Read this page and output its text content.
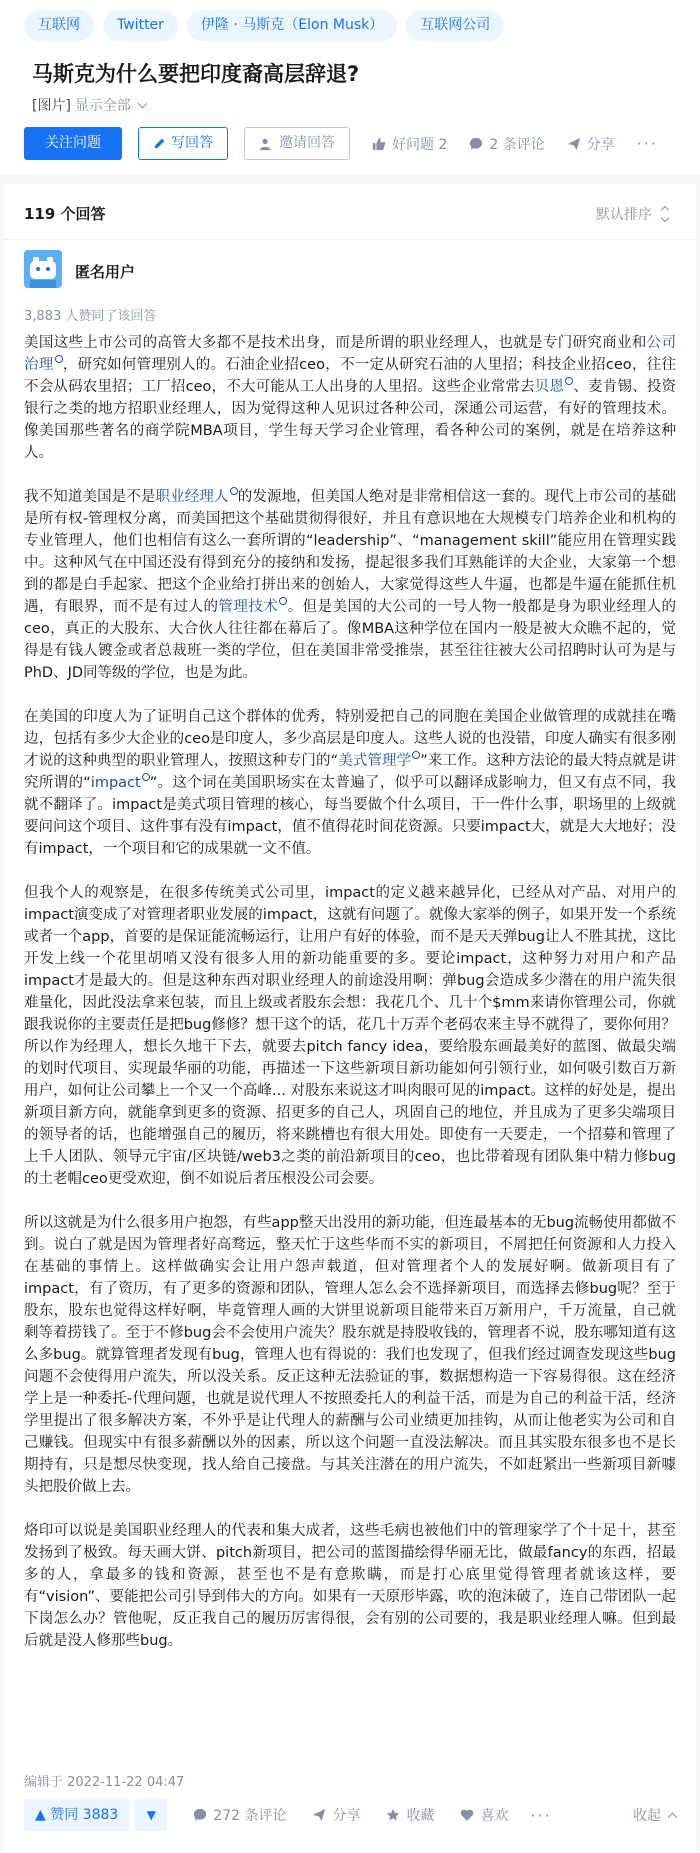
互联网	Twitter	伊隆 · 马斯克（Elon Musk）	互联网公司
马斯克为什么要把印度裔高层辞退?
[图片] 显示全部
关注问题	写回答	邀请回答	好问题 2	2 条评论	分享 ···
119 个回答	默认排序
匿名用户
3,883 人赞同了该回答

美国这些上市公司的高管大多都不是技术出身，而是所谓的职业经理人，也就是专门研究商业和公司治理 ，研究如何管理别人的。石油企业招ceo，不一定从研究石油的人里招；科技企业招ceo，往往不会从码农里招；工厂招ceo，不大可能从工人出身的人里招。这些企业常常去贝恩 、麦肯锡、投资银行之类的地方招职业经理人，因为觉得这种人见识过各种公司，深通公司运营，有好的管理技术。像美国那些著名的商学院MBA项目，学生每天学习企业管理，看各种公司的案例，就是在培养这种人。

我不知道美国是不是职业经理人 的发源地，但美国人绝对是非常相信这一套的。现代上市公司的基础是所有权-管理权分离，而美国把这个基础贯彻得很好，并且有意识地在大规模专门培养企业和机构的专业管理人，他们也相信有这么一套所谓的“leadership”、“management skill”能应用在管理实践中。这种风气在中国还没有得到充分的接纳和发扬，提起很多我们耳熟能详的大企业，大家第一个想到的都是白手起家、把这个企业给打拼出来的创始人，大家觉得这些人牛逼，也都是牛逼在能抓住机遇，有眼界，而不是有过人的管理技术 。但是美国的大公司的一号人物一般都是身为职业经理人的ceo，真正的大股东、大合伙人往往都在幕后了。像MBA这种学位在国内一般是被大众瞧不起的，觉得是有钱人镀金或者总裁班一类的学位，但在美国非常受推崇，甚至往往被大公司招聘时认可为是与PhD、JD同等级的学位，也是为此。

在美国的印度人为了证明自己这个群体的优秀，特别爱把自己的同胞在美国企业做管理的成就挂在嘴边，包括有多少大企业的ceo是印度人，多少高层是印度人。这些人说的也没错，印度人确实有很多刚才说的这种典型的职业管理人，按照这种专门的“美式管理学 ”来工作。这种方法论的最大特点就是讲究所谓的“impact ”。这个词在美国职场实在太普遍了，似乎可以翻译成影响力，但又有点不同，我就不翻译了。impact是美式项目管理的核心，每当要做个什么项目，干一件什么事，职场里的上级就要问问这个项目、这件事有没有impact，值不值得花时间花资源。只要impact大，就是大大地好；没有impact，一个项目和它的成果就一文不值。

但我个人的观察是，在很多传统美式公司里，impact的定义越来越异化，已经从对产品、对用户的impact演变成了对管理者职业发展的impact，这就有问题了。就像大家举的例子，如果开发一个系统或者一个app，首要的是保证能流畅运行，让用户有好的体验，而不是天天弹bug让人不胜其扰，这比开发上线一个花里胡哨又没有很多人用的新功能重要的多。要论impact，这种努力对用户和产品impact才是最大的。但是这种东西对职业经理人的前途没用啊：弹bug会造成多少潜在的用户流失很难量化，因此没法拿来包装，而且上级或者股东会想：我花几个、几十个$mm来请你管理公司，你就跟我说你的主要责任是把bug修修？想干这个的话，花几十万弄个老码农来主导不就得了，要你何用？所以作为经理人，想长久地干下去，就要去pitch fancy idea，要给股东画最美好的蓝图、做最尖端的划时代项目、实现最华丽的功能，再描述一下这些新项目新功能如何引领行业，如何吸引数百万新用户，如何让公司攀上一个又一个高峰... 对股东来说这才叫肉眼可见的impact。这样的好处是，提出新项目新方向，就能拿到更多的资源、招更多的自己人，巩固自己的地位，并且成为了更多尖端项目的领导者的话，也能增强自己的履历，将来跳槽也有很大用处。即使有一天要走，一个招募和管理了上千人团队、领导元宇宙/区块链/web3之类的前沿新项目的ceo，也比带着现有团队集中精力修bug的土老帽ceo更受欢迎，倒不如说后者压根没公司会要。

所以这就是为什么很多用户抱怨，有些app整天出没用的新功能，但连最基本的无bug流畅使用都做不到。说白了就是因为管理者好高骛远，整天忙于这些华而不实的新项目，不屑把任何资源和人力投入在基础的事情上。这样做确实会让用户怨声载道，但对管理者个人的发展好啊。做新项目有了impact，有了资历，有了更多的资源和团队，管理人怎么会不选择新项目，而选择去修bug呢？至于股东，股东也觉得这样好啊，毕竟管理人画的大饼里说新项目能带来百万新用户，千万流量，自己就剩等着捞钱了。至于不修bug会不会使用户流失？股东就是持股收钱的，管理者不说，股东哪知道有这么多bug。就算管理者发现有bug，管理人也有得说的：我们也发现了，但我们经过调查发现这些bug问题不会使得用户流失，所以没关系。反正这种无法验证的事，数据想构造一下容易得很。这在经济学上是一种委托-代理问题，也就是说代理人不按照委托人的利益干活，而是为自己的利益干活，经济学里提出了很多解决方案，不外乎是让代理人的薪酬与公司业绩更加挂钩，从而让他老实为公司和自己赚钱。但现实中有很多薪酬以外的因素，所以这个问题一直没法解决。而且其实股东很多也不是长期持有，只是想尽快变现，找人给自己接盘。与其关注潜在的用户流失，不如赶紧出一些新项目新噱头把股价做上去。

烙印可以说是美国职业经理人的代表和集大成者，这些毛病也被他们中的管理家学了个十足十，甚至发扬到了极致。每天画大饼、pitch新项目，把公司的蓝图描绘得华丽无比，做最fancy的东西，招最多的人，拿最多的钱和资源，甚至也不是有意欺瞒，而是打心底里觉得管理者就该这样，要有“vision”、要能把公司引导到伟大的方向。如果有一天原形毕露，吹的泡沫破了，连自己带团队一起下岗怎么办？管他呢，反正我自己的履历厉害得很，会有别的公司要的，我是职业经理人嘛。但到最后就是没人修那些bug。

编辑于 2022-11-22 04:47
▲ 赞同 3883	▼	272 条评论	分享	收藏	喜欢 ···	收起
